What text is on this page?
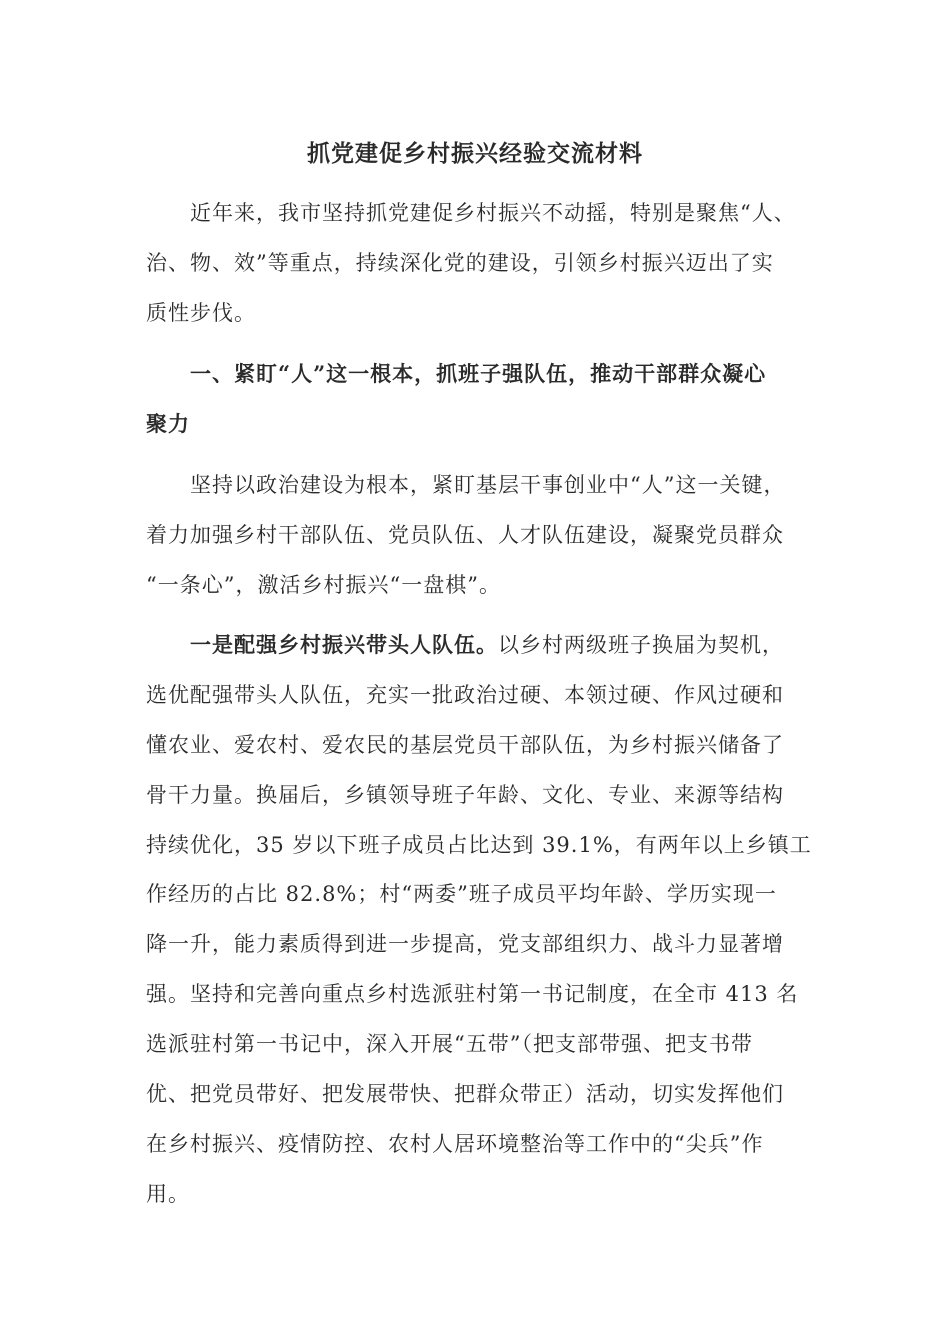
抓党建促乡村振兴经验交流材料
近年来，我市坚持抓党建促乡村振兴不动摇，特别是聚焦“人、
治、物、效”等重点，持续深化党的建设，引领乡村振兴迈出了实
质性步伐。
一、紧盯“人”这一根本，抓班子强队伍，推动干部群众凝心
聚力
坚持以政治建设为根本，紧盯基层干事创业中“人”这一关键，
着力加强乡村干部队伍、党员队伍、人才队伍建设，凝聚党员群众
“一条心”，激活乡村振兴“一盘棋”。
一是配强乡村振兴带头人队伍。以乡村两级班子换届为契机，
选优配强带头人队伍，充实一批政治过硬、本领过硬、作风过硬和
懂农业、爱农村、爱农民的基层党员干部队伍，为乡村振兴储备了
骨干力量。换届后，乡镇领导班子年龄、文化、专业、来源等结构
持续优化，35 岁以下班子成员占比达到 39.1%，有两年以上乡镇工
作经历的占比 82.8%；村“两委”班子成员平均年龄、学历实现一
降一升，能力素质得到进一步提高，党支部组织力、战斗力显著增
强。坚持和完善向重点乡村选派驻村第一书记制度，在全市 413 名
选派驻村第一书记中，深入开展“五带”（把支部带强、把支书带
优、把党员带好、把发展带快、把群众带正）活动，切实发挥他们
在乡村振兴、疫情防控、农村人居环境整治等工作中的“尖兵”作
用。
